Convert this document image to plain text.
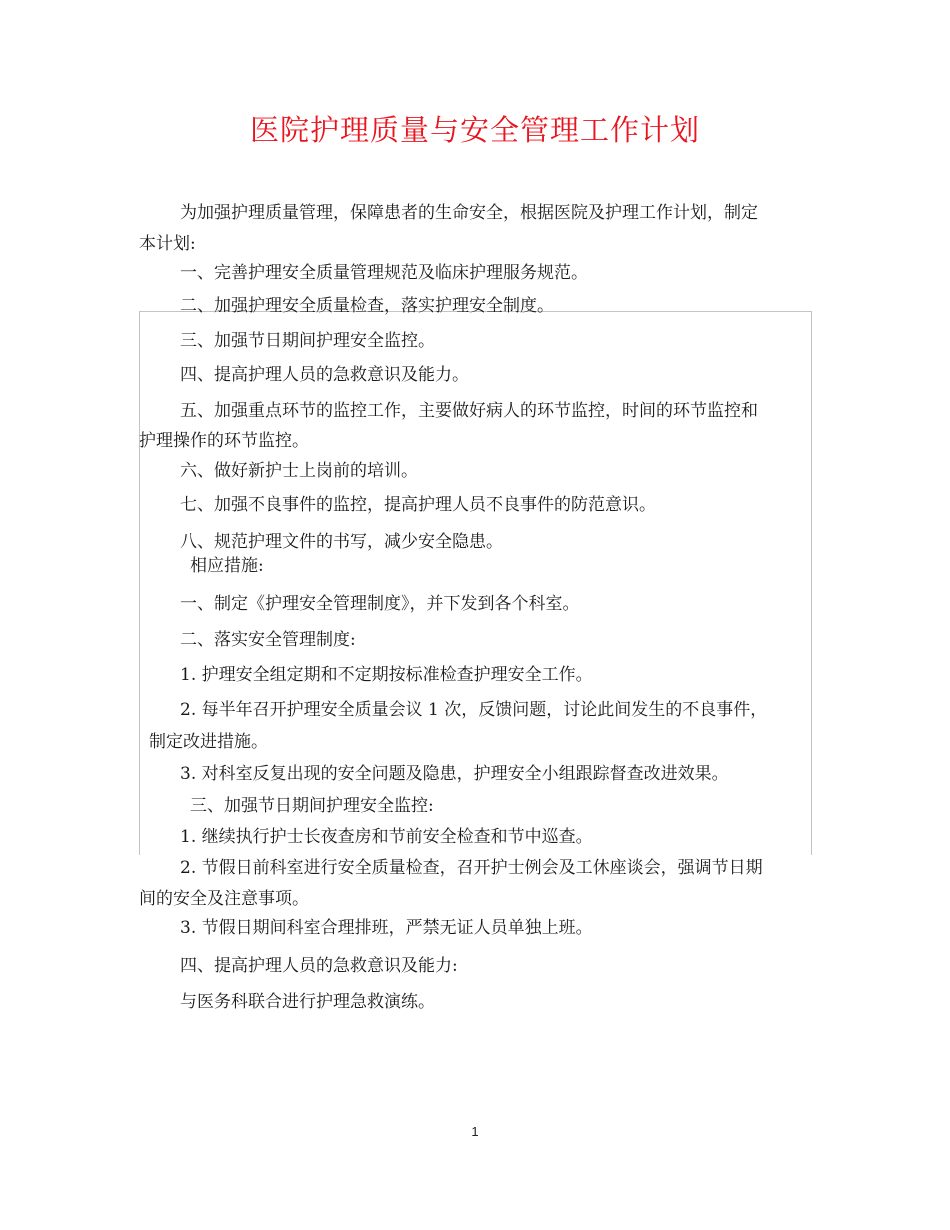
医院护理质量与安全管理工作计划
为加强护理质量管理，保障患者的生命安全，根据医院及护理工作计划，制定
本计划:
一、完善护理安全质量管理规范及临床护理服务规范。
二、加强护理安全质量检查，落实护理安全制度。
三、加强节日期间护理安全监控。
四、提高护理人员的急救意识及能力。
五、加强重点环节的监控工作，主要做好病人的环节监控，时间的环节监控和
护理操作的环节监控。
六、做好新护士上岗前的培训。
七、加强不良事件的监控，提高护理人员不良事件的防范意识。
八、规范护理文件的书写，减少安全隐患。
相应措施:
一、制定《护理安全管理制度》，并下发到各个科室。
二、落实安全管理制度:
1. 护理安全组定期和不定期按标准检查护理安全工作。
2. 每半年召开护理安全质量会议 1 次，反馈问题，讨论此间发生的不良事件，
制定改进措施。
3. 对科室反复出现的安全问题及隐患，护理安全小组跟踪督查改进效果。
三、加强节日期间护理安全监控:
1. 继续执行护士长夜查房和节前安全检查和节中巡查。
2. 节假日前科室进行安全质量检查，召开护士例会及工休座谈会，强调节日期
间的安全及注意事项。
3. 节假日期间科室合理排班，严禁无证人员单独上班。
四、提高护理人员的急救意识及能力:
与医务科联合进行护理急救演练。
1
